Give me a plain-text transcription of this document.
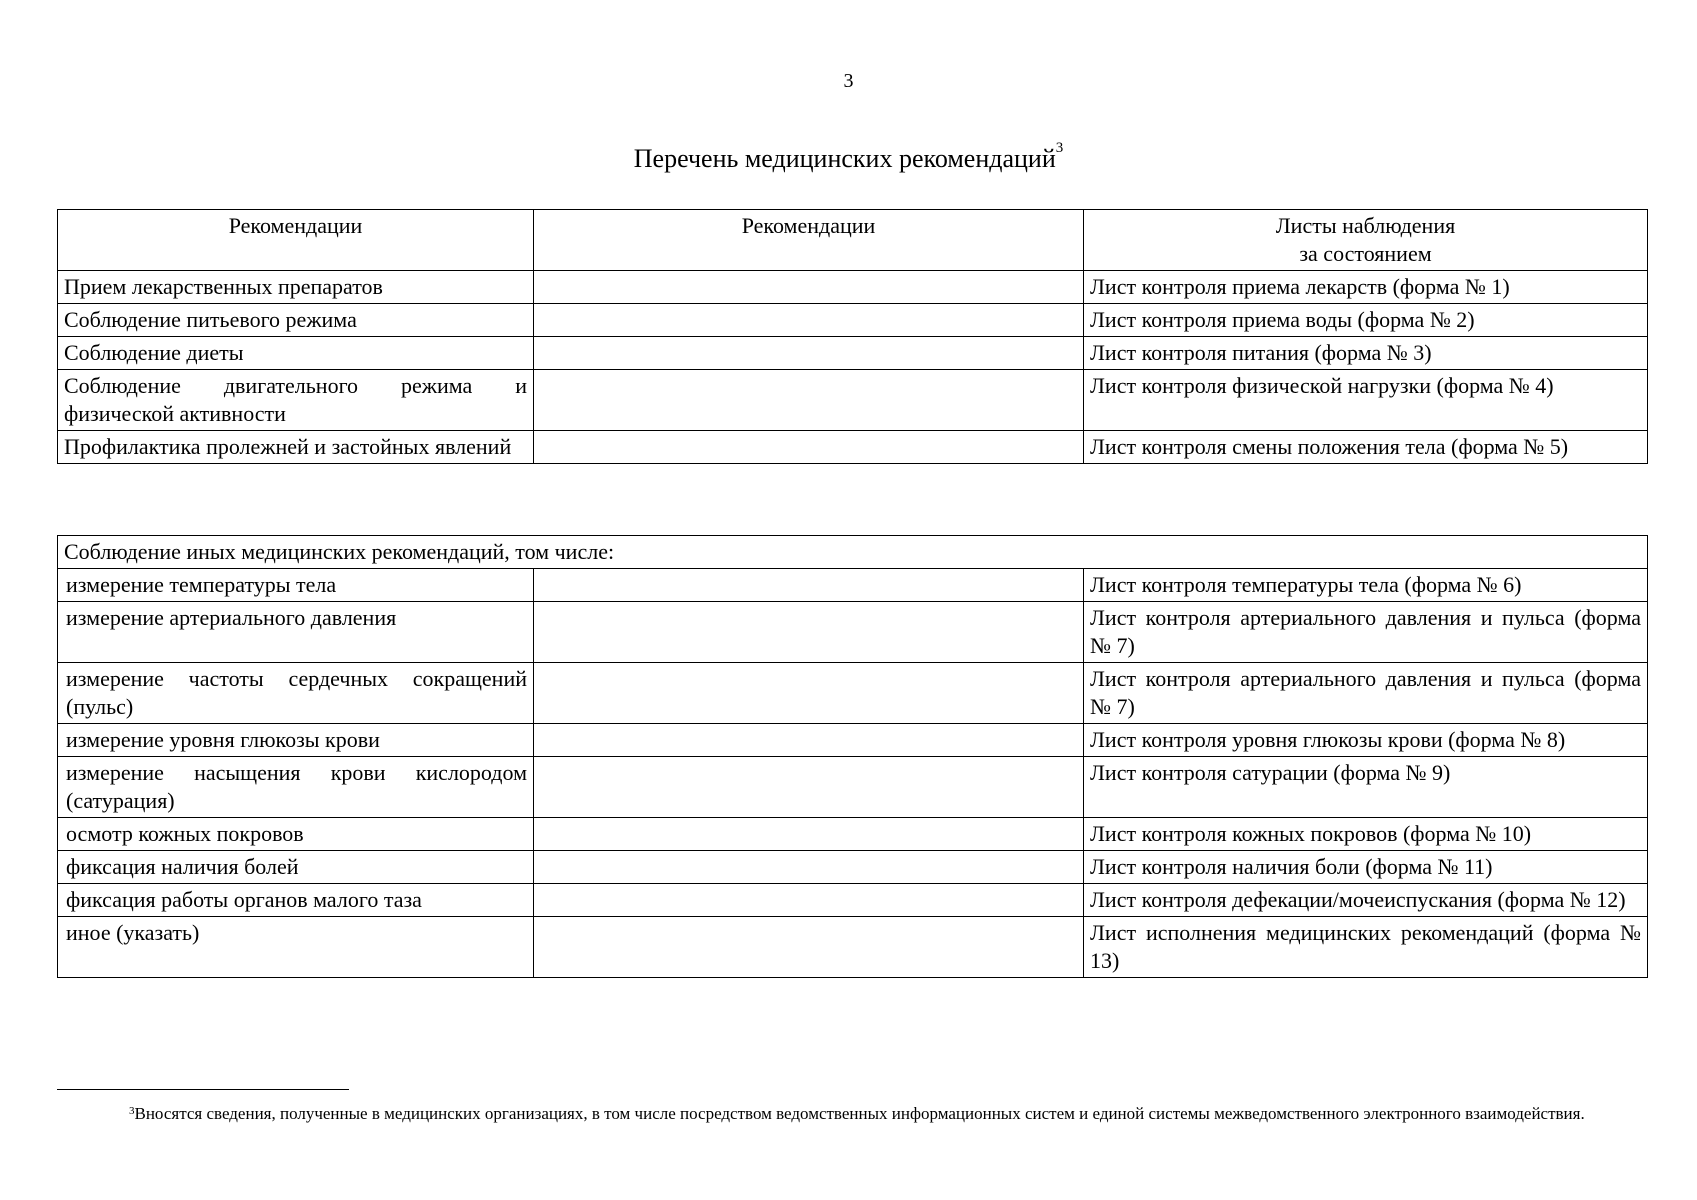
3
Перечень медицинских рекомендаций$^3$
Рекомендации	Рекомендации	Листы наблюдения
за состоянием
Прием лекарственных препаратов		Лист контроля приема лекарств (форма № 1)
Соблюдение питьевого режима		Лист контроля приема воды (форма № 2)
Соблюдение диеты		Лист контроля питания (форма № 3)
Соблюдение двигательного режима и физической активности		Лист контроля физической нагрузки (форма № 4)
Профилактика пролежней и застойных явлений		Лист контроля смены положения тела (форма № 5)
Соблюдение иных медицинских рекомендаций, том числе:		
измерение температуры тела		Лист контроля температуры тела (форма № 6)
измерение артериального давления		Лист контроля артериального давления и пульса (форма № 7)
измерение частоты сердечных сокращений (пульс)		Лист контроля артериального давления и пульса (форма № 7)
измерение уровня глюкозы крови		Лист контроля уровня глюкозы крови (форма № 8)
измерение насыщения крови кислородом (сатурация)		Лист контроля сатурации (форма № 9)
осмотр кожных покровов		Лист контроля кожных покровов (форма № 10)
фиксация наличия болей		Лист контроля наличия боли (форма № 11)
фиксация работы органов малого таза		Лист контроля дефекации/мочеиспускания (форма № 12)
иное (указать)		Лист исполнения медицинских рекомендаций (форма № 13)
$^3$Вносятся сведения, полученные в медицинских организациях, в том числе посредством ведомственных информационных систем и единой системы межведомственного электронного взаимодействия.
